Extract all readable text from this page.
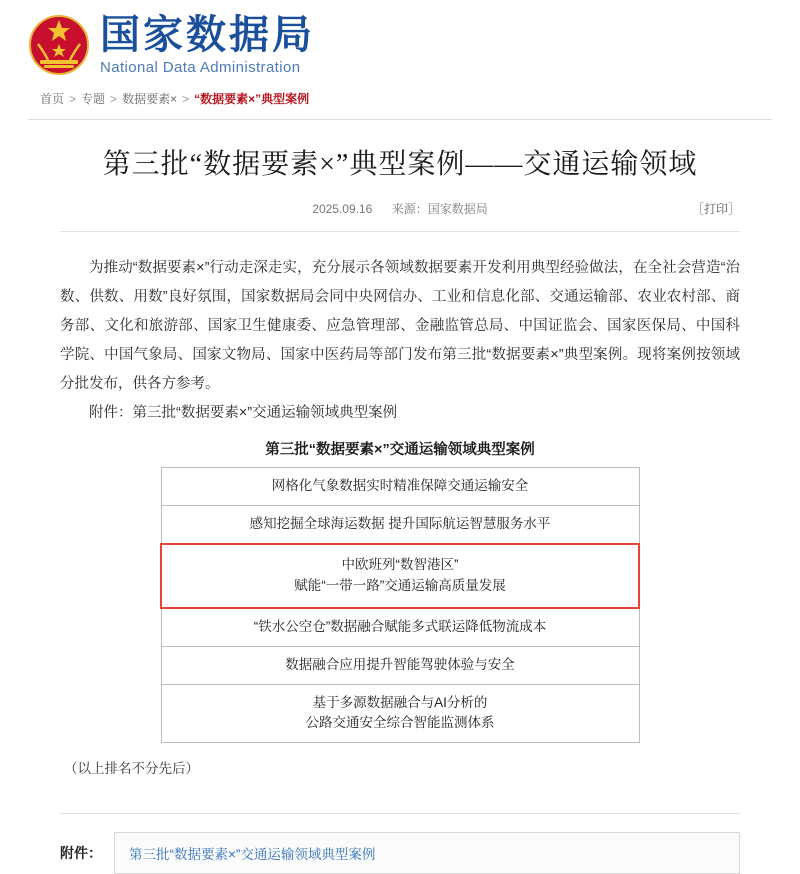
国家数据局
National Data Administration
首页 > 专题 > 数据要素× > “数据要素×”典型案例
第三批“数据要素×”典型案例——交通运输领域
2025.09.16 来源：国家数据局	［打印］

为推动“数据要素×”行动走深走实，充分展示各领域数据要素开发利用典型经验做法，在全社会营造“治数、供数、用数”良好氛围，国家数据局会同中央网信办、工业和信息化部、交通运输部、农业农村部、商务部、文化和旅游部、国家卫生健康委、应急管理部、金融监管总局、中国证监会、国家医保局、中国科学院、中国气象局、国家文物局、国家中医药局等部门发布第三批“数据要素×”典型案例。现将案例按领域分批发布，供各方参考。

附件：第三批“数据要素×”交通运输领域典型案例

第三批“数据要素×”交通运输领域典型案例
网格化气象数据实时精准保障交通运输安全
感知挖掘全球海运数据 提升国际航运智慧服务水平
中欧班列“数智港区”
赋能“一带一路”交通运输高质量发展
“铁水公空仓”数据融合赋能多式联运降低物流成本
数据融合应用提升智能驾驶体验与安全
基于多源数据融合与AI分析的
公路交通安全综合智能监测体系
（以上排名不分先后）
附件：	第三批“数据要素×”交通运输领域典型案例
